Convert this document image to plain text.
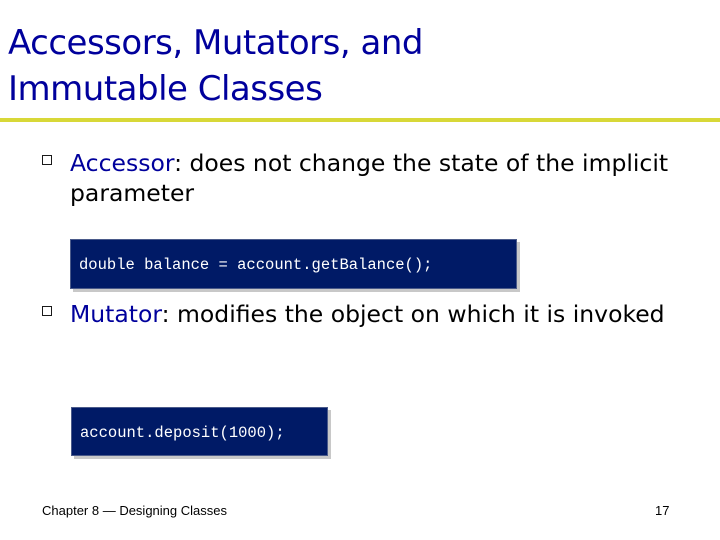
Accessors, Mutators, and
Immutable Classes
Accessor: does not change the state of the implicit parameter
double balance = account.getBalance();
Mutator: modifies the object on which it is invoked
account.deposit(1000);
Chapter 8 — Designing Classes	17
